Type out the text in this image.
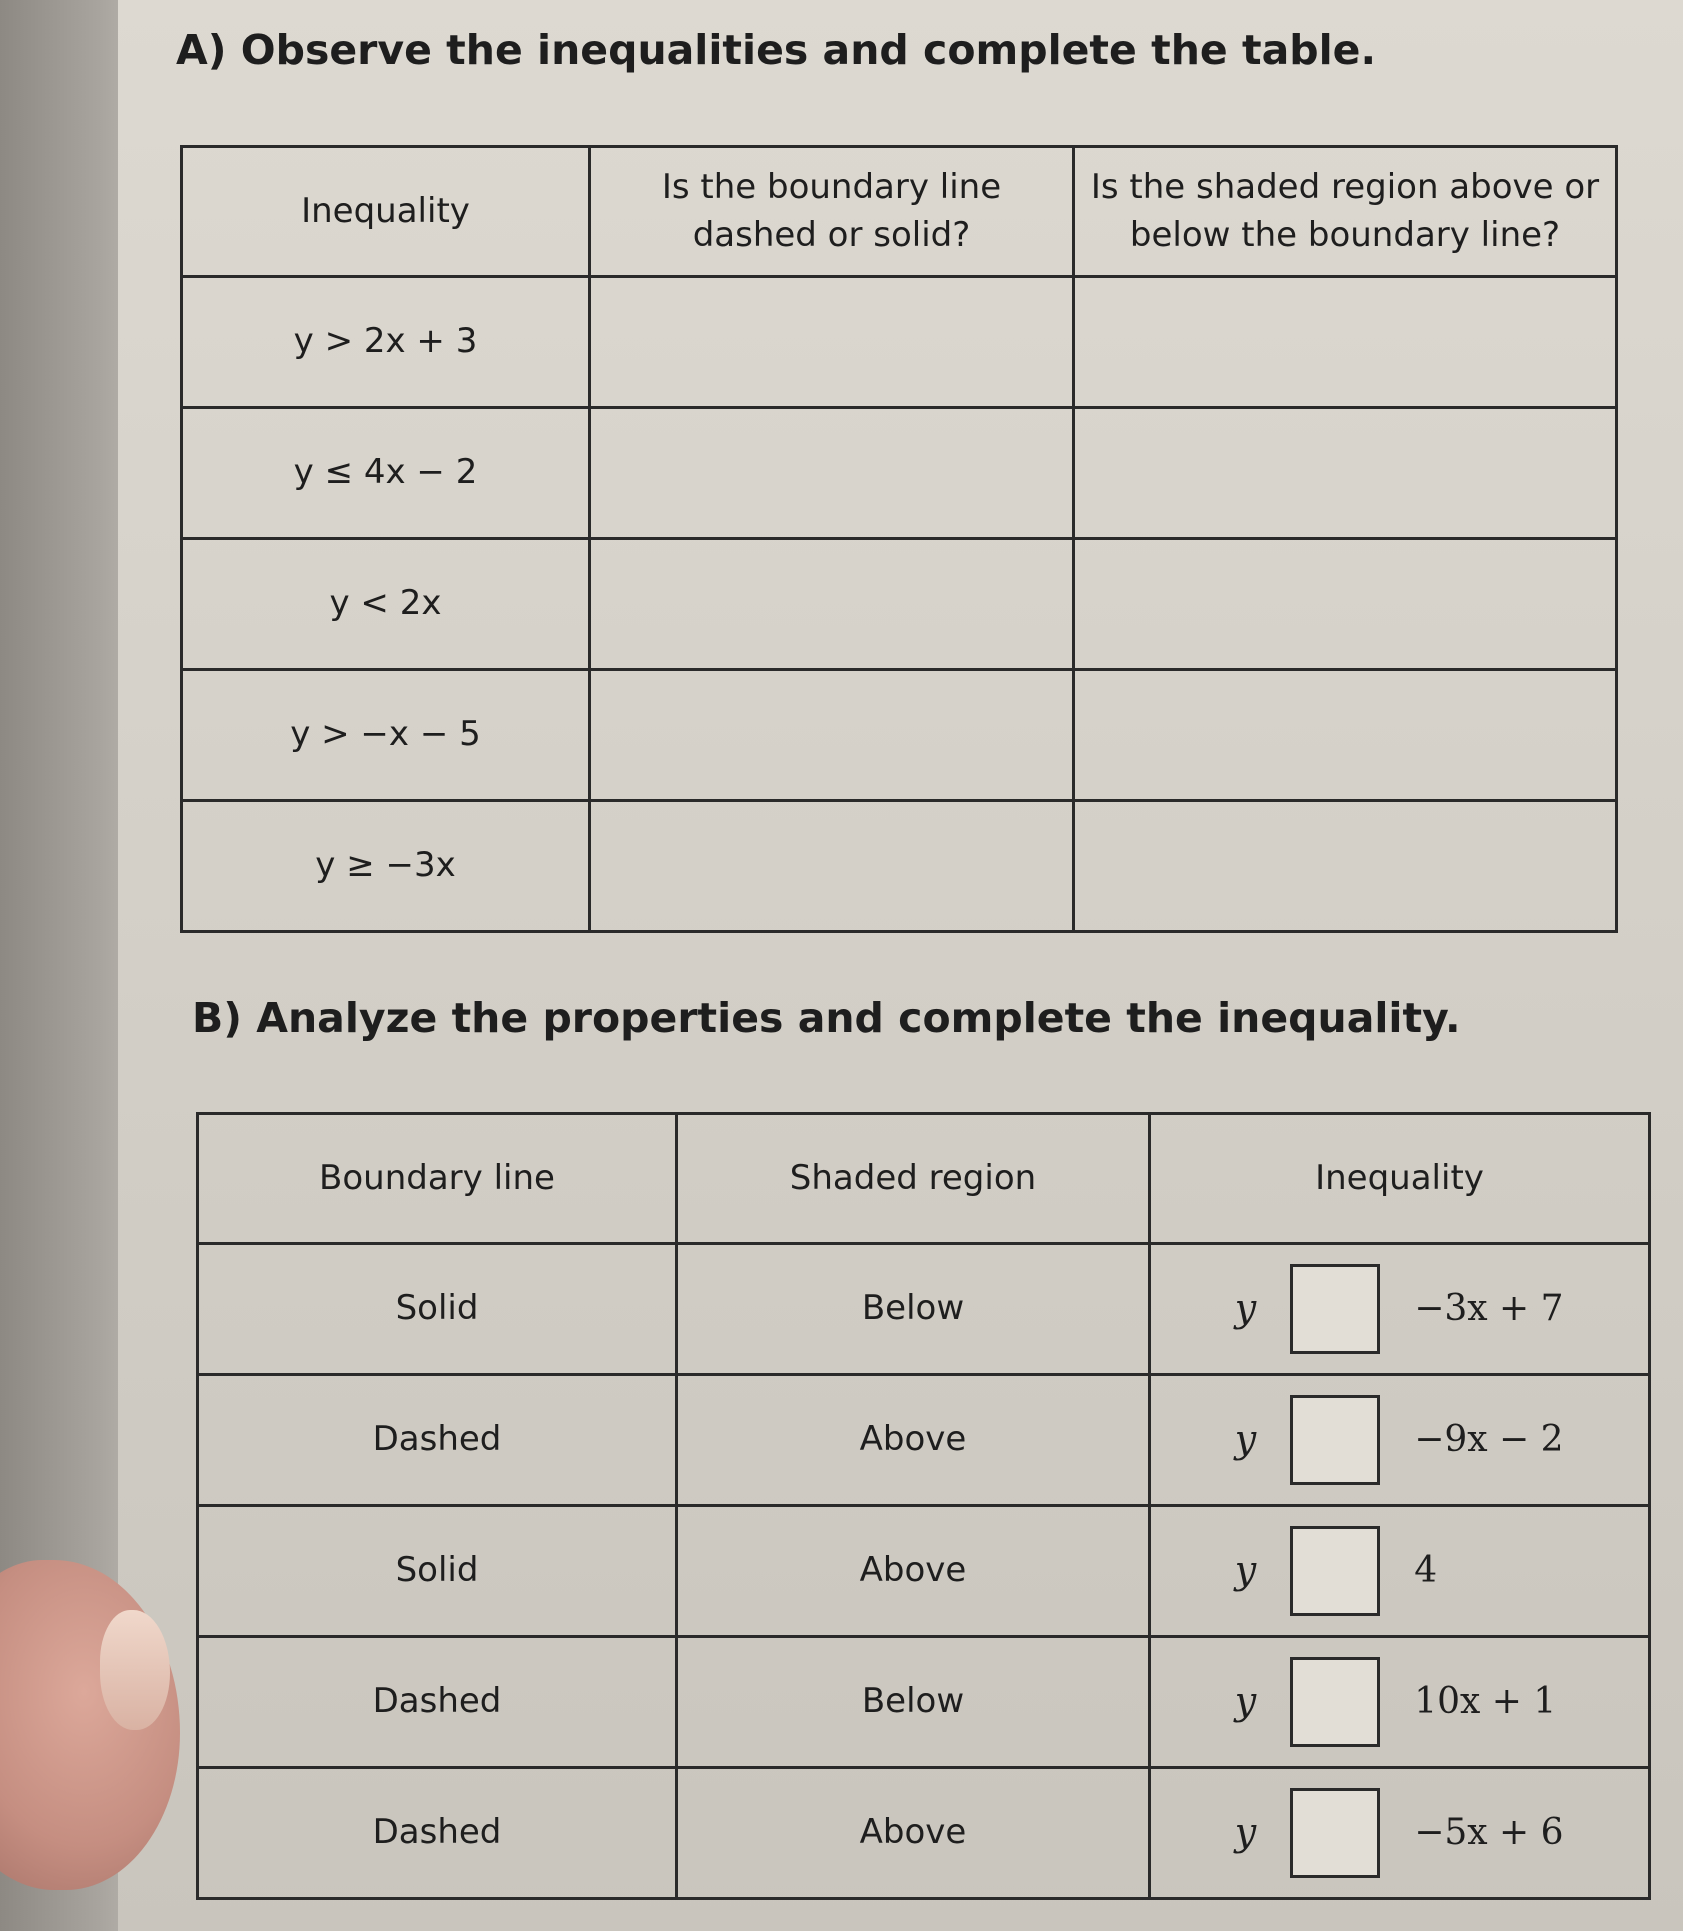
A) Observe the inequalities and complete the table.
Inequality	Is the boundary line dashed or solid?	Is the shaded region above or below the boundary line?
y > 2x + 3		
y ≤ 4x − 2		
y < 2x		
y > −x − 5		
y ≥ −3x		
B) Analyze the properties and complete the inequality.
Boundary line	Shaded region	Inequality
Solid	Below	y −3x + 7

Dashed	Above	y −9x − 2

Solid	Above	y 4

Dashed	Below	y 10x + 1

Dashed	Above	y −5x + 6
